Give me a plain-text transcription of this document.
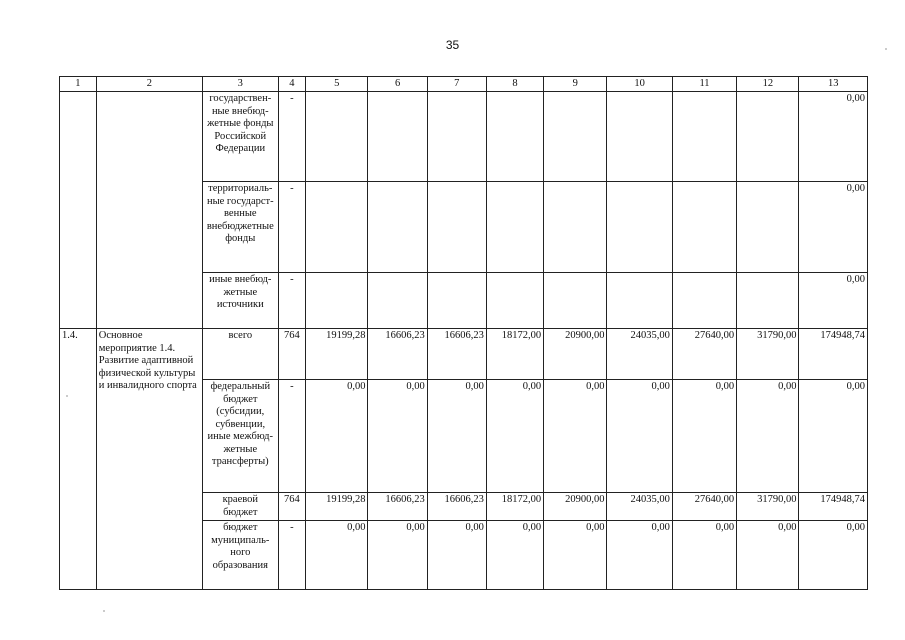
35
1	2	3	4	5	6	7	8	9	10	11	12	13
		государствен-ные внебюд-жетные фонды Российской Федерации	-									0,00
		территориаль-ные государст-венные внебюджетные фонды	-									0,00
		иные внебюд-жетные источники	-									0,00
1.4.	Основное мероприятие 1.4. Развитие адаптивной физической культуры и инвалидного спорта	всего	764	19199,28	16606,23	16606,23	18172,00	20900,00	24035,00	27640,00	31790,00	174948,74
		федеральный бюджет (субсидии, субвенции, иные межбюд-жетные трансферты)	-	0,00	0,00	0,00	0,00	0,00	0,00	0,00	0,00	0,00
		краевой бюджет	764	19199,28	16606,23	16606,23	18172,00	20900,00	24035,00	27640,00	31790,00	174948,74
		бюджет муниципаль-ного образования	-	0,00	0,00	0,00	0,00	0,00	0,00	0,00	0,00	0,00
